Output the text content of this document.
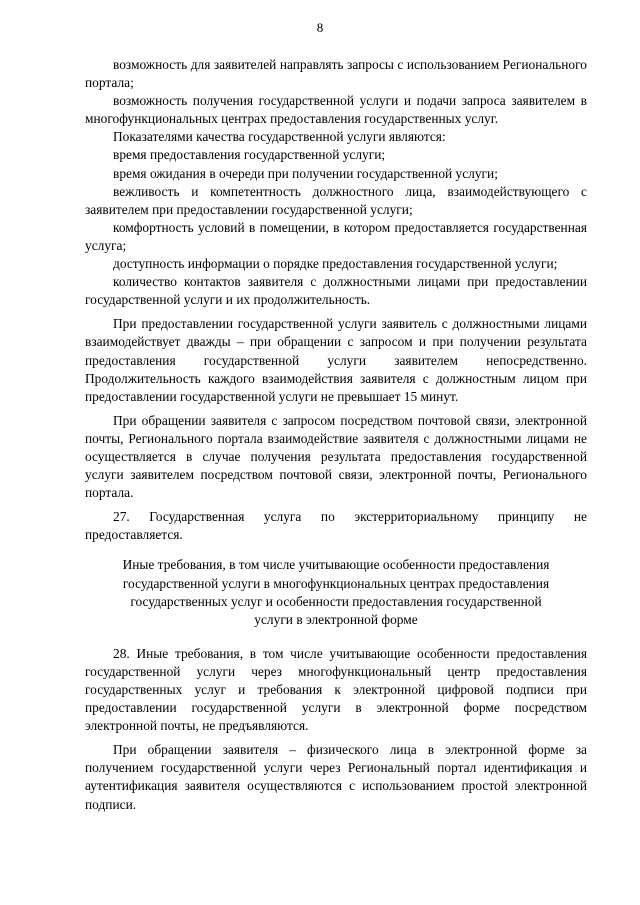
8

возможность для заявителей направлять запросы с использованием Регионального портала;

возможность получения государственной услуги и подачи запроса заявителем в многофункциональных центрах предоставления государственных услуг.

Показателями качества государственной услуги являются:

время предоставления государственной услуги;

время ожидания в очереди при получении государственной услуги;

вежливость и компетентность должностного лица, взаимодействующего с заявителем при предоставлении государственной услуги;

комфортность условий в помещении, в котором предоставляется государственная услуга;

доступность информации о порядке предоставления государственной услуги;

количество контактов заявителя с должностными лицами при предоставлении государственной услуги и их продолжительность.

При предоставлении государственной услуги заявитель с должностными лицами взаимодействует дважды – при обращении с запросом и при получении результата предоставления государственной услуги заявителем непосредственно. Продолжительность каждого взаимодействия заявителя с должностным лицом при предоставлении государственной услуги не превышает 15 минут.

При обращении заявителя с запросом посредством почтовой связи, электронной почты, Регионального портала взаимодействие заявителя с должностными лицами не осуществляется в случае получения результата предоставления государственной услуги заявителем посредством почтовой связи, электронной почты, Регионального портала.

27. Государственная услуга по экстерриториальному принципу не предоставляется.

Иные требования, в том числе учитывающие особенности предоставления государственной услуги в многофункциональных центрах предоставления государственных услуг и особенности предоставления государственной услуги в электронной форме

28. Иные требования, в том числе учитывающие особенности предоставления государственной услуги через многофункциональный центр предоставления государственных услуг и требования к электронной цифровой подписи при предоставлении государственной услуги в электронной форме посредством электронной почты, не предъявляются.

При обращении заявителя – физического лица в электронной форме за получением государственной услуги через Региональный портал идентификация и аутентификация заявителя осуществляются с использованием простой электронной подписи.
